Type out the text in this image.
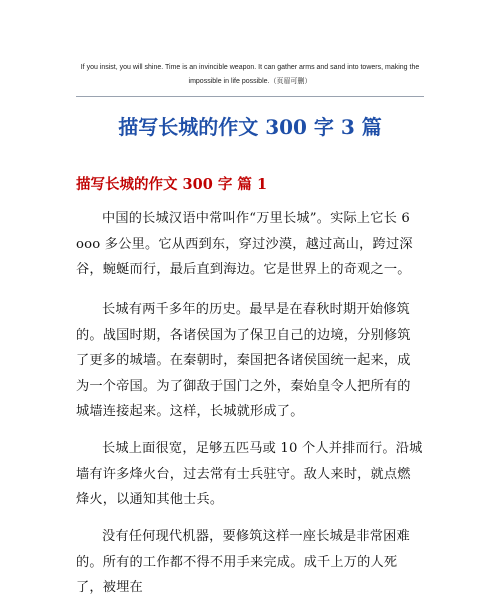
If you insist, you will shine. Time is an invincible weapon. It can gather arms and sand into towers, making the
impossible in life possible.（页眉可删）
描写长城的作文 300 字 3 篇
描写长城的作文 300 字 篇 1

中国的长城汉语中常叫作“万里长城”。实际上它长 6 ooo 多公里。它从西到东，穿过沙漠，越过高山，跨过深谷，蜿蜒而行，最后直到海边。它是世界上的奇观之一。

长城有两千多年的历史。最早是在春秋时期开始修筑的。战国时期，各诸侯国为了保卫自己的边境，分别修筑了更多的城墙。在秦朝时，秦国把各诸侯国统一起来，成为一个帝国。为了御敌于国门之外，秦始皇令人把所有的城墙连接起来。这样，长城就形成了。

长城上面很宽，足够五匹马或 10 个人并排而行。沿城墙有许多烽火台，过去常有士兵驻守。敌人来时，就点燃烽火，以通知其他士兵。

没有任何现代机器，要修筑这样一座长城是非常困难的。所有的工作都不得不用手来完成。成千上万的人死了，被埋在
